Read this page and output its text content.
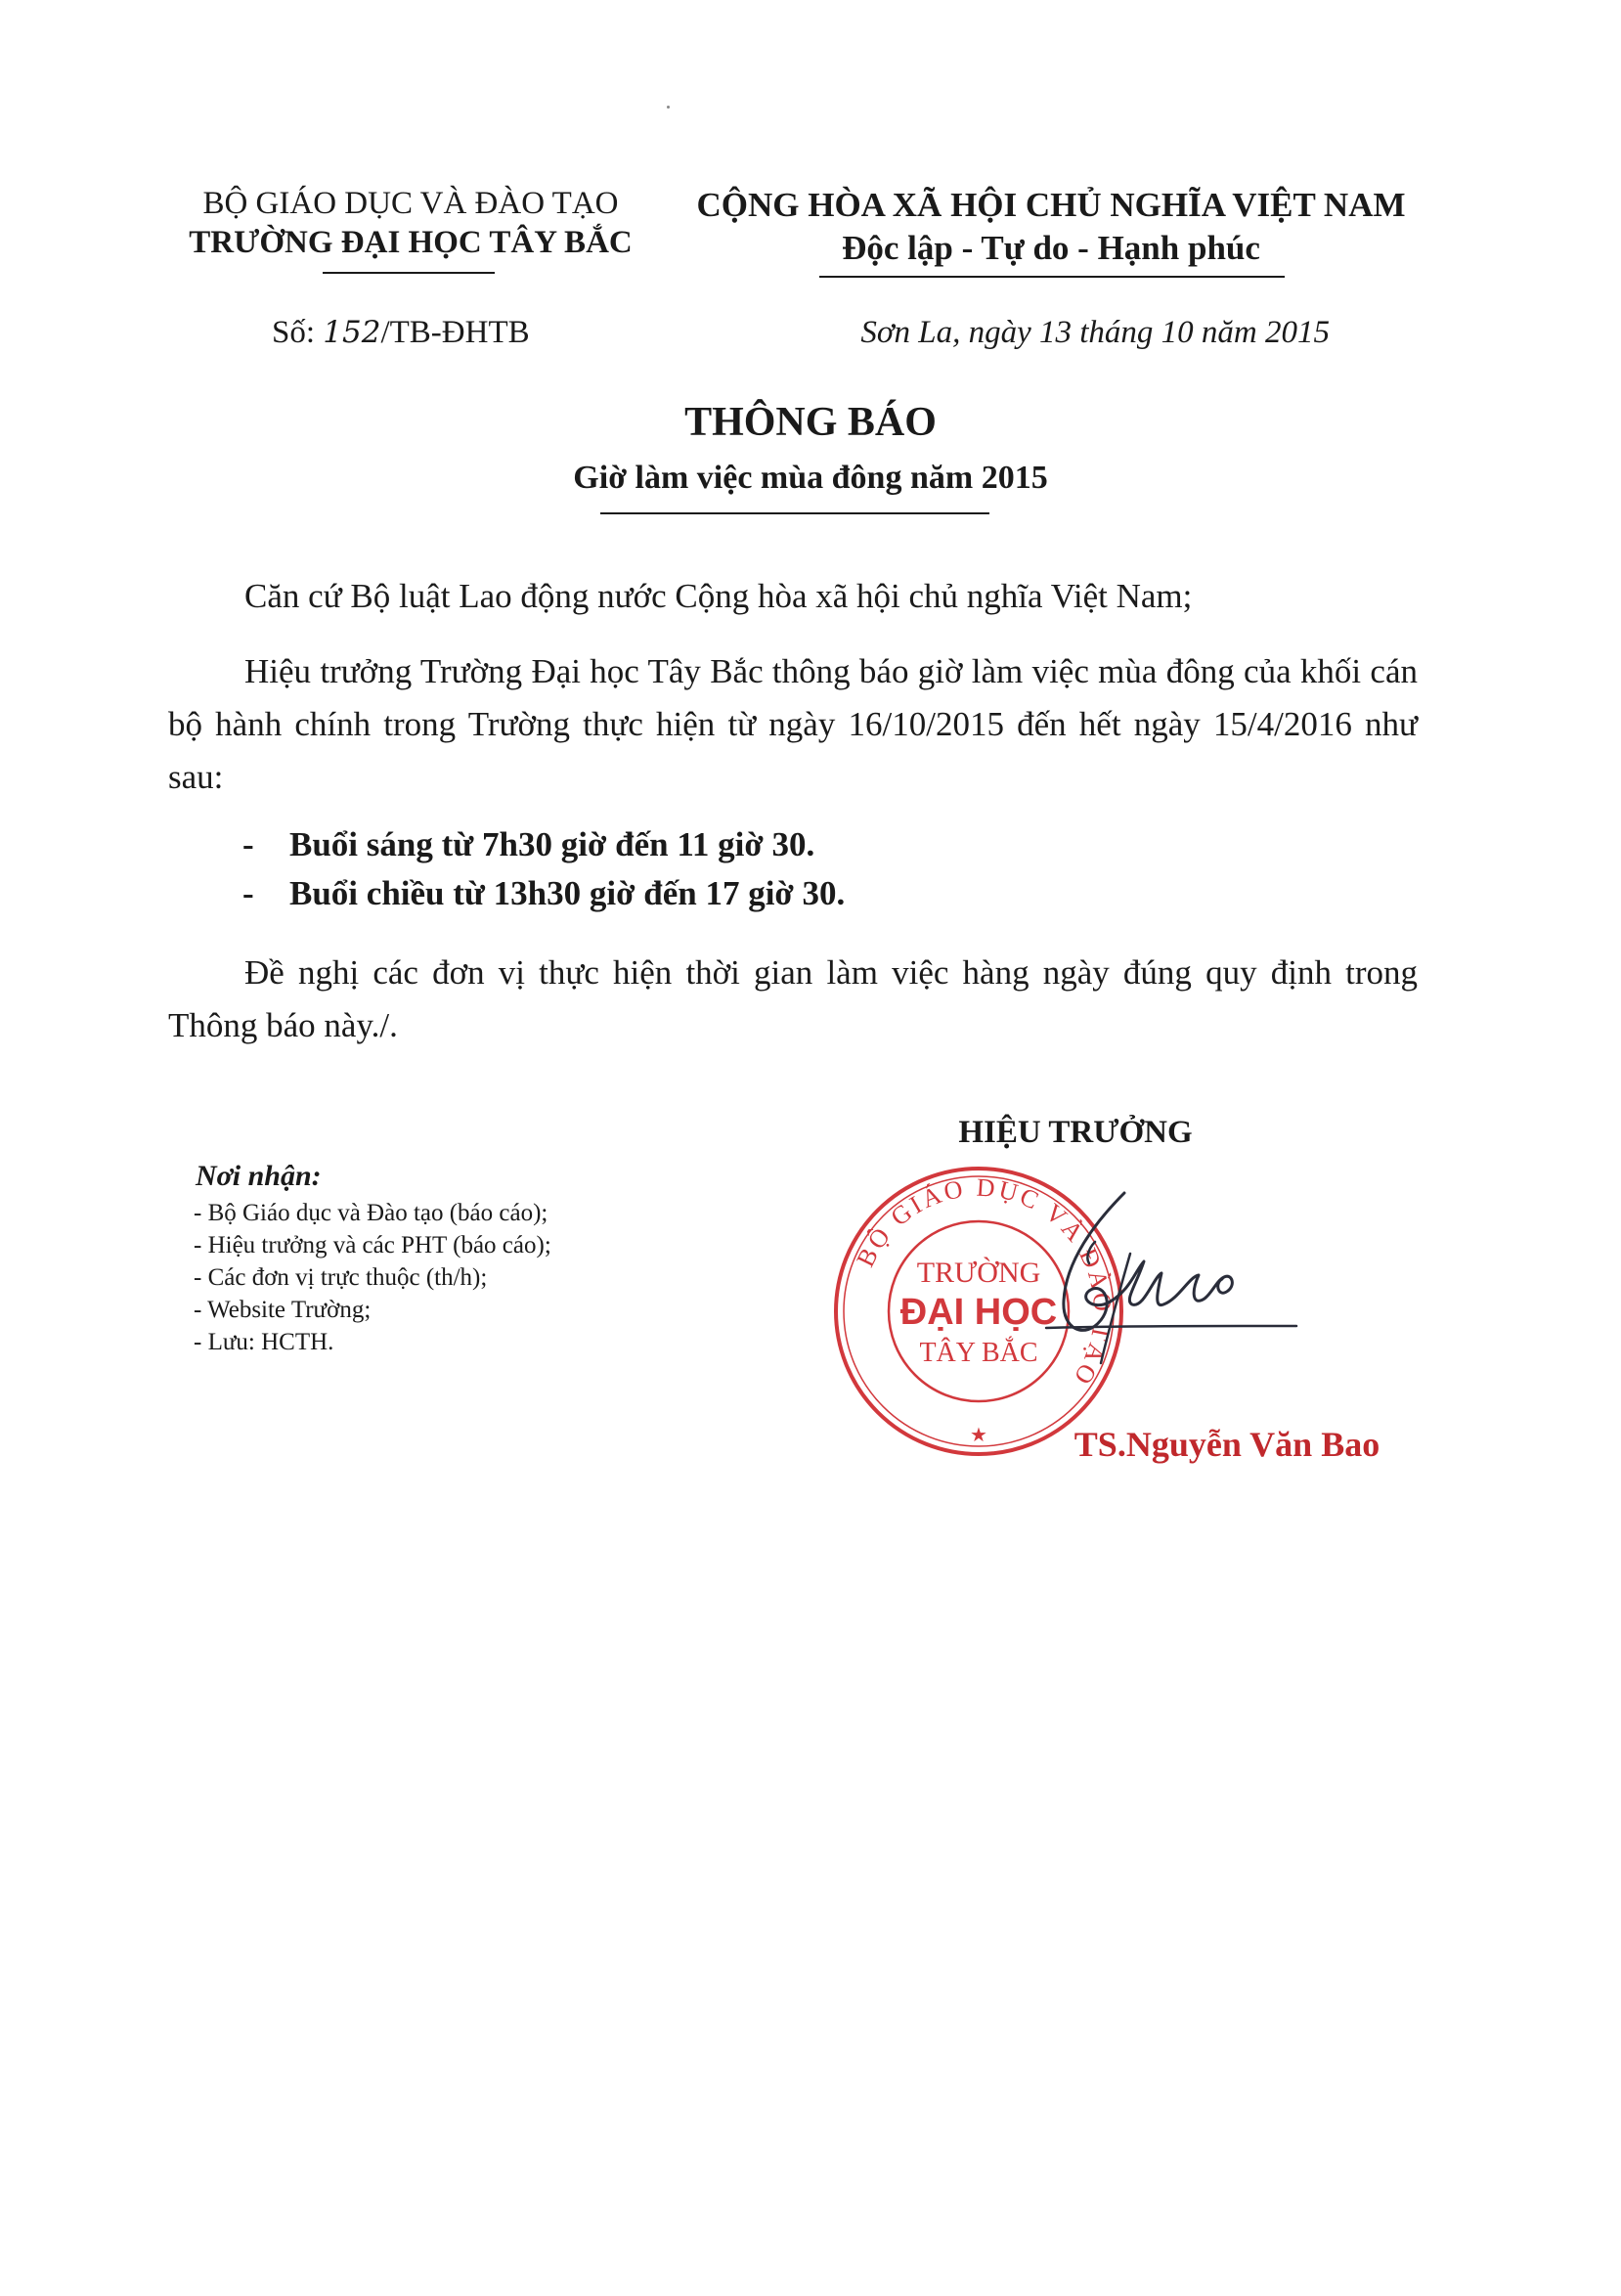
BỘ GIÁO DỤC VÀ ĐÀO TẠO
TRƯỜNG ĐẠI HỌC TÂY BẮC
CỘNG HÒA XÃ HỘI CHỦ NGHĨA VIỆT NAM
Độc lập - Tự do - Hạnh phúc
Số: 152/TB-ĐHTB	Sơn La, ngày 13 tháng 10 năm 2015
THÔNG BÁO
Giờ làm việc mùa đông năm 2015
Căn cứ Bộ luật Lao động nước Cộng hòa xã hội chủ nghĩa Việt Nam;
Hiệu trưởng Trường Đại học Tây Bắc thông báo giờ làm việc mùa đông của khối cán bộ hành chính trong Trường thực hiện từ ngày 16/10/2015 đến hết ngày 15/4/2016 như sau:
- Buổi sáng từ 7h30 giờ đến 11 giờ 30.
- Buổi chiều từ 13h30 giờ đến 17 giờ 30.
Đề nghị các đơn vị thực hiện thời gian làm việc hàng ngày đúng quy định trong Thông báo này./.
Nơi nhận:
- Bộ Giáo dục và Đào tạo (báo cáo);
- Hiệu trưởng và các PHT (báo cáo);
- Các đơn vị trực thuộc (th/h);
- Website Trường;
- Lưu: HCTH.
HIỆU TRƯỞNG
BỘ GIÁO DỤC VÀ ĐÀO TẠO
★
TRƯỜNG
ĐẠI HỌC
TÂY BẮC
TS.Nguyễn Văn Bao
